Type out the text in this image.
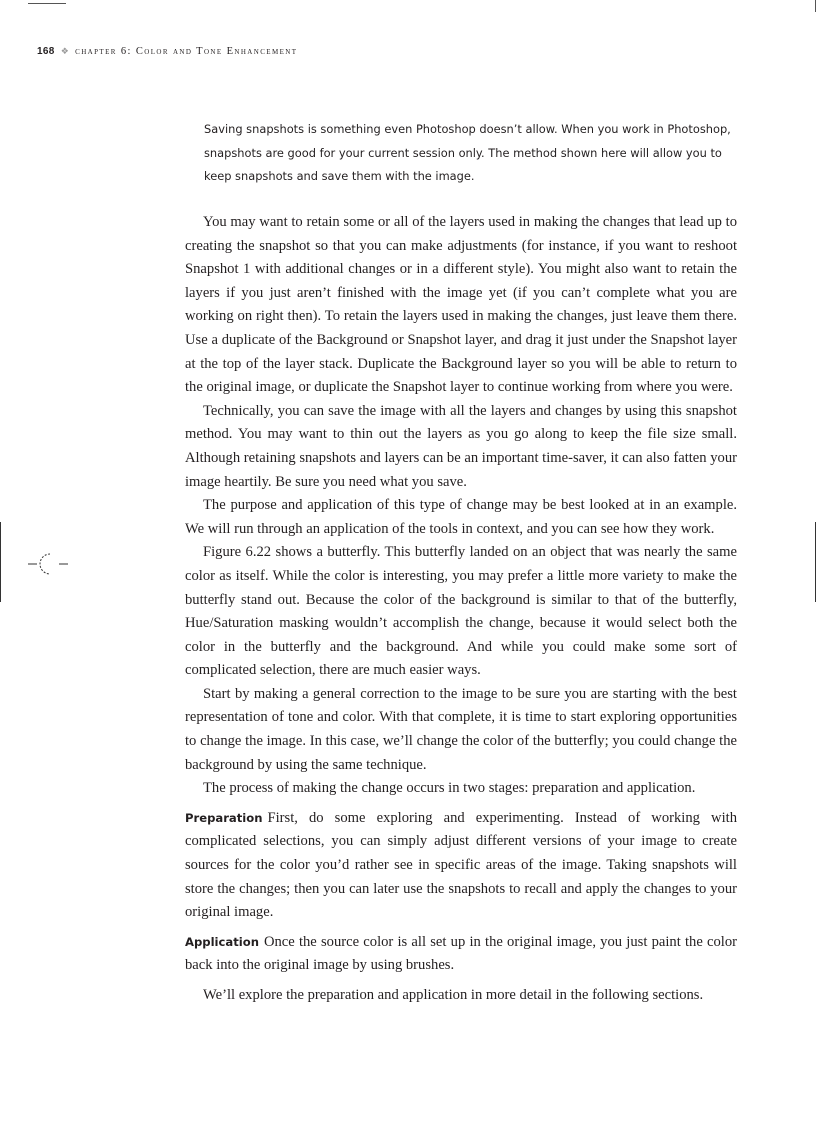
168 ❖ chapter 6: Color and Tone Enhancement
Saving snapshots is something even Photoshop doesn’t allow. When you work in Photoshop, snapshots are good for your current session only. The method shown here will allow you to keep snapshots and save them with the image.

You may want to retain some or all of the layers used in making the changes that lead up to creating the snapshot so that you can make adjustments (for instance, if you want to reshoot Snapshot 1 with additional changes or in a different style). You might also want to retain the layers if you just aren’t finished with the image yet (if you can’t complete what you are working on right then). To retain the layers used in making the changes, just leave them there. Use a duplicate of the Background or Snapshot layer, and drag it just under the Snapshot layer at the top of the layer stack. Duplicate the Background layer so you will be able to return to the original image, or duplicate the Snapshot layer to continue working from where you were.

Technically, you can save the image with all the layers and changes by using this snapshot method. You may want to thin out the layers as you go along to keep the file size small. Although retaining snapshots and layers can be an important time-saver, it can also fatten your image heartily. Be sure you need what you save.

The purpose and application of this type of change may be best looked at in an example. We will run through an application of the tools in context, and you can see how they work.

Figure 6.22 shows a butterfly. This butterfly landed on an object that was nearly the same color as itself. While the color is interesting, you may prefer a little more variety to make the butterfly stand out. Because the color of the background is similar to that of the butterfly, Hue/Saturation masking wouldn’t accomplish the change, because it would select both the color in the butterfly and the background. And while you could make some sort of complicated selection, there are much easier ways.

Start by making a general correction to the image to be sure you are starting with the best representation of tone and color. With that complete, it is time to start exploring opportunities to change the image. In this case, we’ll change the color of the butterfly; you could change the background by using the same technique.

The process of making the change occurs in two stages: preparation and application.

Preparation First, do some exploring and experimenting. Instead of working with complicated selections, you can simply adjust different versions of your image to create sources for the color you’d rather see in specific areas of the image. Taking snapshots will store the changes; then you can later use the snapshots to recall and apply the changes to your original image.

Application Once the source color is all set up in the original image, you just paint the color back into the original image by using brushes.

We’ll explore the preparation and application in more detail in the following sections.
